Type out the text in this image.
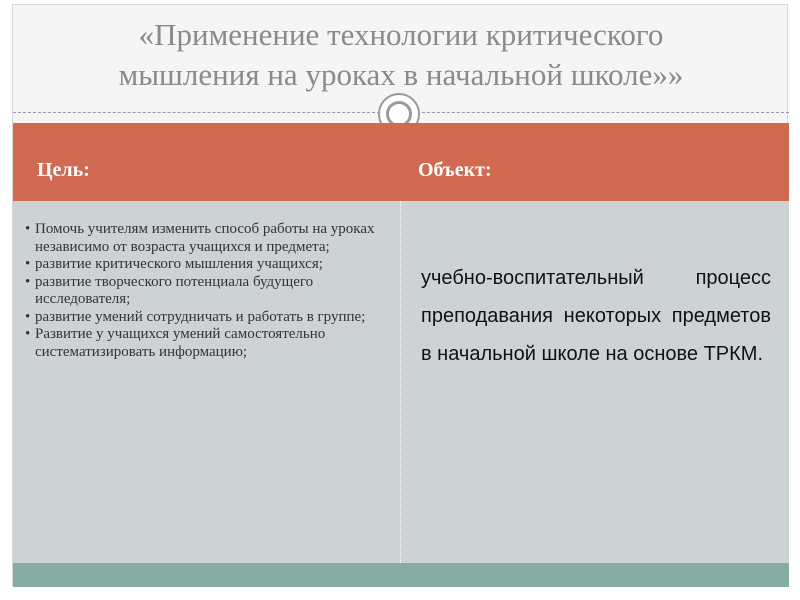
«Применение технологии критического
мышления на уроках в начальной школе»»
Цель:	Объект:
• Помочь учителям изменить способ работы на уроках независимо от возраста учащихся и предмета;
• развитие критического мышления учащихся;
• развитие творческого потенциала будущего исследователя;
• развитие умений сотрудничать и работать в группе;
• Развитие у учащихся умений самостоятельно систематизировать информацию;
учебно-воспитательный процесс преподавания некоторых предметов в начальной школе на основе ТРКМ.
